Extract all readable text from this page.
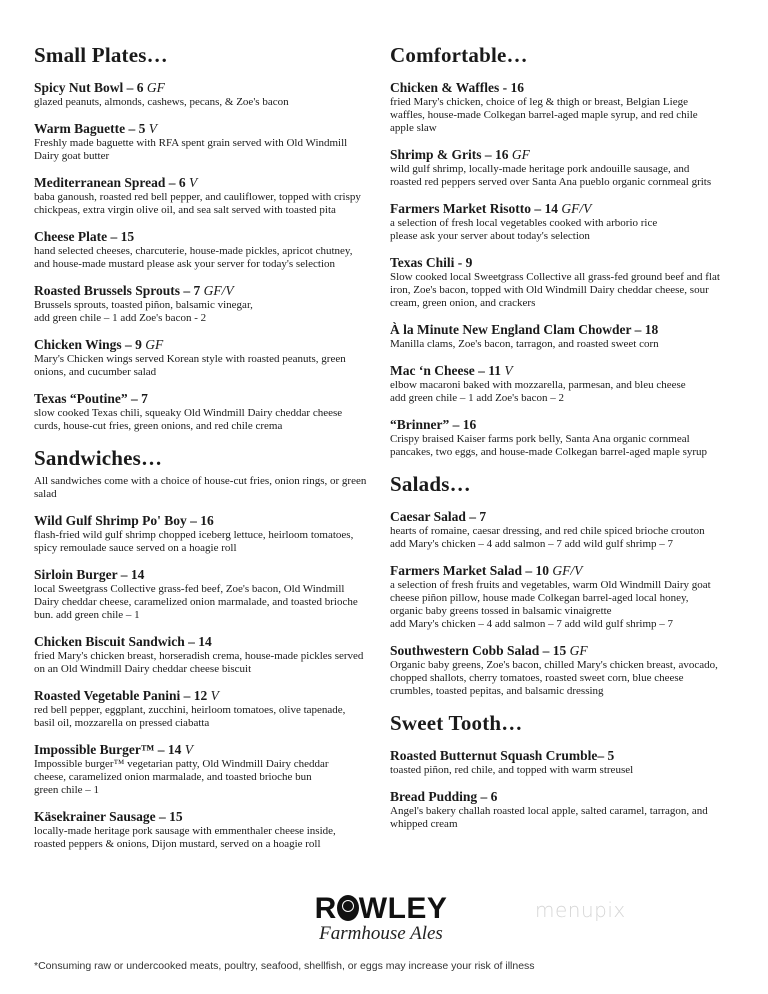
Small Plates…
Spicy Nut Bowl – 6 GF
glazed peanuts, almonds, cashews, pecans, & Zoe's bacon
Warm Baguette – 5 V
Freshly made baguette with RFA spent grain served with Old Windmill
Dairy goat butter
Mediterranean Spread – 6 V
baba ganoush, roasted red bell pepper, and cauliflower, topped with crispy
chickpeas, extra virgin olive oil, and sea salt served with toasted pita
Cheese Plate – 15
hand selected cheeses, charcuterie, house-made pickles, apricot chutney,
and house-made mustard please ask your server for today's selection
Roasted Brussels Sprouts – 7 GF/V
Brussels sprouts, toasted piñon, balsamic vinegar,
add green chile – 1 add Zoe's bacon - 2
Chicken Wings – 9 GF
Mary's Chicken wings served Korean style with roasted peanuts, green
onions, and cucumber salad
Texas “Poutine” – 7
slow cooked Texas chili, squeaky Old Windmill Dairy cheddar cheese
curds, house-cut fries, green onions, and red chile crema
Sandwiches…
All sandwiches come with a choice of house-cut fries, onion rings, or green salad
Wild Gulf Shrimp Po' Boy – 16
flash-fried wild gulf shrimp chopped iceberg lettuce, heirloom tomatoes,
spicy remoulade sauce served on a hoagie roll
Sirloin Burger – 14
local Sweetgrass Collective grass-fed beef, Zoe's bacon, Old Windmill
Dairy cheddar cheese, caramelized onion marmalade, and toasted brioche
bun. add green chile – 1
Chicken Biscuit Sandwich – 14
fried Mary's chicken breast, horseradish crema, house-made pickles served
on an Old Windmill Dairy cheddar cheese biscuit
Roasted Vegetable Panini – 12 V
red bell pepper, eggplant, zucchini, heirloom tomatoes, olive tapenade,
basil oil, mozzarella on pressed ciabatta
Impossible Burger™ – 14 V
Impossible burger™ vegetarian patty, Old Windmill Dairy cheddar
cheese, caramelized onion marmalade, and toasted brioche bun
green chile – 1
Käsekrainer Sausage – 15
locally-made heritage pork sausage with emmenthaler cheese inside,
roasted peppers & onions, Dijon mustard, served on a hoagie roll
Comfortable…
Chicken & Waffles - 16
fried Mary's chicken, choice of leg & thigh or breast, Belgian Liege
waffles, house-made Colkegan barrel-aged maple syrup, and red chile
apple slaw
Shrimp & Grits – 16 GF
wild gulf shrimp, locally-made heritage pork andouille sausage, and
roasted red peppers served over Santa Ana pueblo organic cornmeal grits
Farmers Market Risotto – 14 GF/V
a selection of fresh local vegetables cooked with arborio rice
please ask your server about today's selection
Texas Chili - 9
Slow cooked local Sweetgrass Collective all grass-fed ground beef and flat
iron, Zoe's bacon, topped with Old Windmill Dairy cheddar cheese, sour
cream, green onion, and crackers
À la Minute New England Clam Chowder – 18
Manilla clams, Zoe's bacon, tarragon, and roasted sweet corn
Mac ‘n Cheese – 11 V
elbow macaroni baked with mozzarella, parmesan, and bleu cheese
add green chile – 1 add Zoe's bacon – 2
“Brinner” – 16
Crispy braised Kaiser farms pork belly, Santa Ana organic cornmeal
pancakes, two eggs, and house-made Colkegan barrel-aged maple syrup
Salads…
Caesar Salad – 7
hearts of romaine, caesar dressing, and red chile spiced brioche crouton
add Mary's chicken – 4 add salmon – 7 add wild gulf shrimp – 7
Farmers Market Salad – 10 GF/V
a selection of fresh fruits and vegetables, warm Old Windmill Dairy goat
cheese piñon pillow, house made Colkegan barrel-aged local honey,
organic baby greens tossed in balsamic vinaigrette
add Mary's chicken – 4 add salmon – 7 add wild gulf shrimp – 7
Southwestern Cobb Salad – 15 GF
Organic baby greens, Zoe's bacon, chilled Mary's chicken breast, avocado,
chopped shallots, cherry tomatoes, roasted sweet corn, blue cheese
crumbles, toasted pepitas, and balsamic dressing
Sweet Tooth…
Roasted Butternut Squash Crumble– 5
toasted piñon, red chile, and topped with warm streusel
Bread Pudding – 6
Angel's bakery challah roasted local apple, salted caramel, tarragon, and
whipped cream
R WLEY
Farmhouse Ales
menupix
*Consuming raw or undercooked meats, poultry, seafood, shellfish, or eggs may increase your risk of illness
